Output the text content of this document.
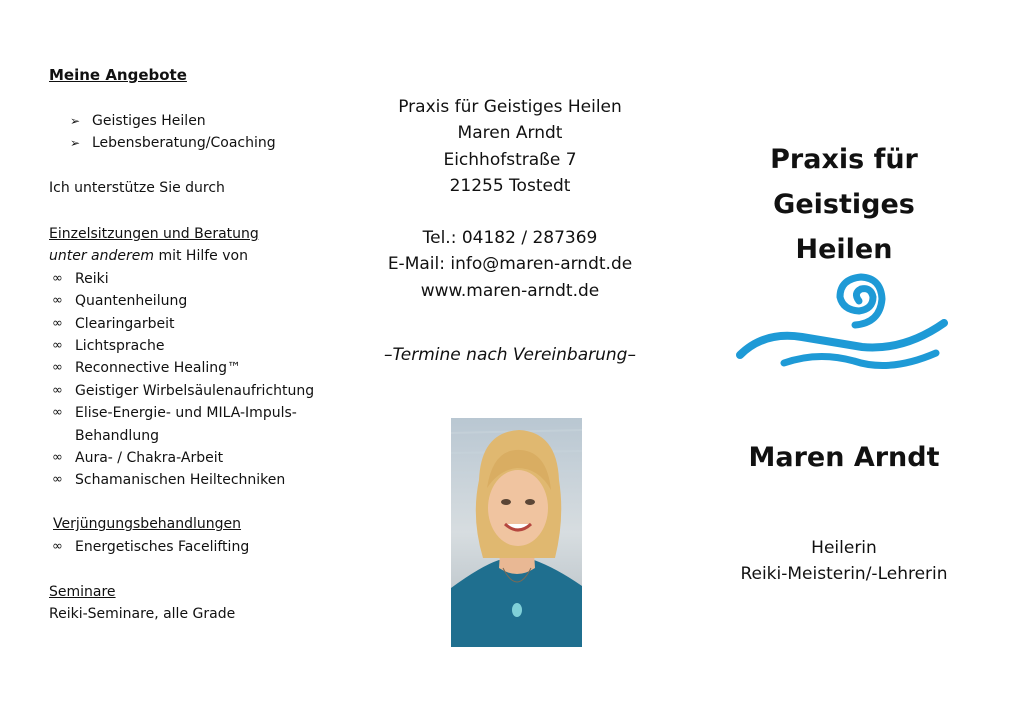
Meine Angebote
➢ Geistiges Heilen
➢ Lebensberatung/Coaching

Ich unterstütze Sie durch

Einzelsitzungen und Beratung
unter anderem mit Hilfe von
∞ Reiki
∞ Quantenheilung
∞ Clearingarbeit
∞ Lichtsprache
∞ Reconnective Healing™
∞ Geistiger Wirbelsäulenaufrichtung
∞ Elise-Energie- und MILA-Impuls-Behandlung
∞ Aura- / Chakra-Arbeit
∞ Schamanischen Heiltechniken
Verjüngungsbehandlungen
∞ Energetisches Facelifting
Seminare
Reiki-Seminare, alle Grade
Praxis für Geistiges Heilen
Maren Arndt
Eichhofstraße 7
21255 Tostedt
Tel.: 04182 / 287369
E-Mail: info@maren-arndt.de
www.maren-arndt.de
–Termine nach Vereinbarung–
Praxis für
Geistiges Heilen
Maren Arndt
Heilerin
Reiki-Meisterin/-Lehrerin
